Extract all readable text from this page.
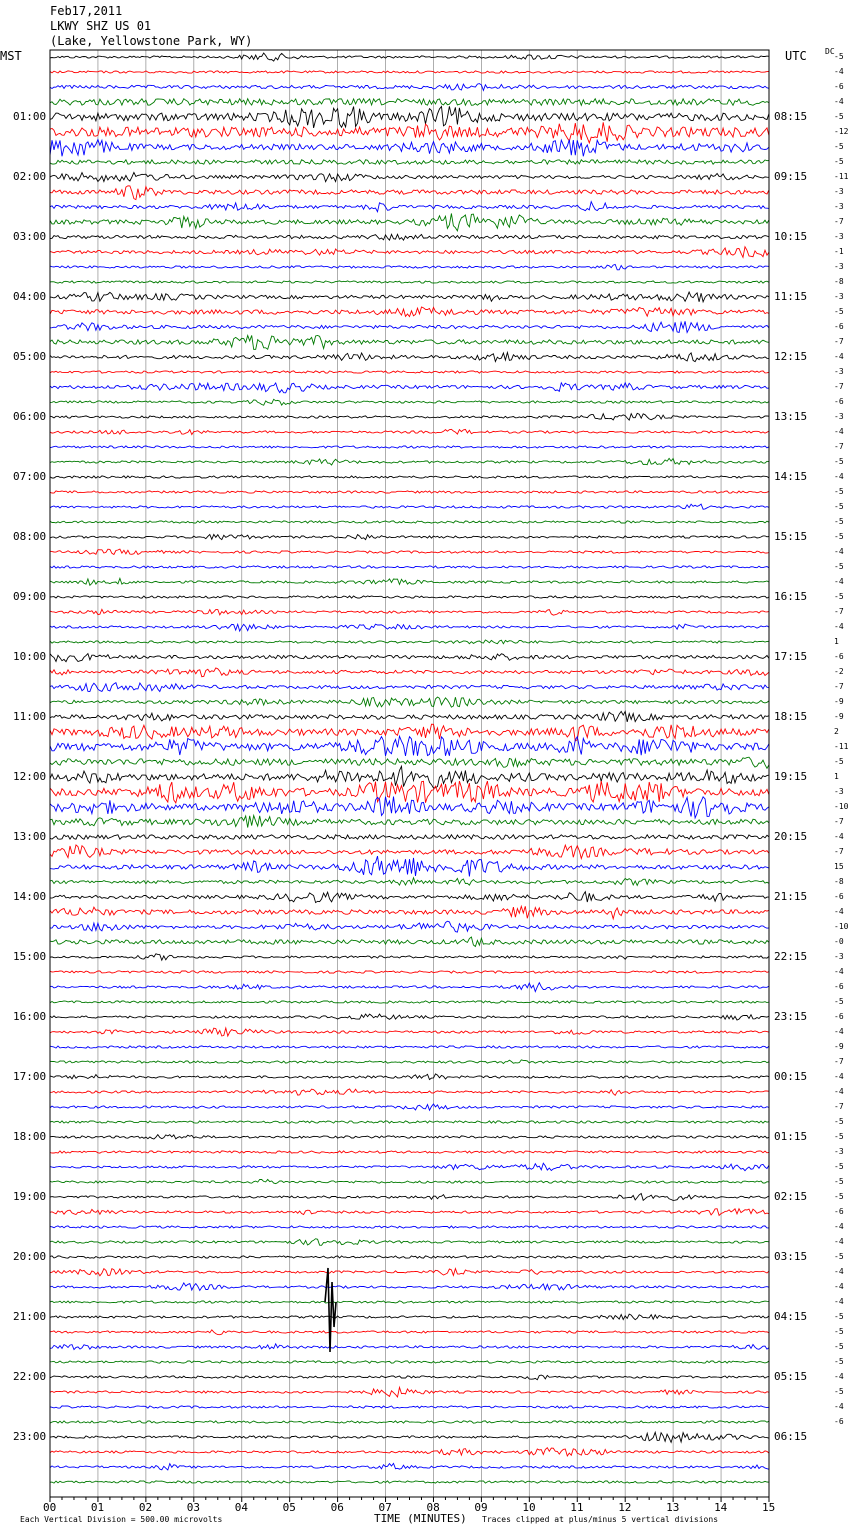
Feb17,2011
LKWY SHZ US 01
(Lake, Yellowstone Park, WY)
MST	UTC DC
01:00
02:00
03:00
04:00
05:00
06:00
07:00
08:00
09:00
10:00
11:00
12:00
13:00
14:00
15:00
16:00
17:00
18:00
19:00
20:00
21:00
22:00
23:00
08:15
09:15
10:15
11:15
12:15
13:15
14:15
15:15
16:15
17:15
18:15
19:15
20:15
21:15
22:15
23:15
00:15
01:15
02:15
03:15
04:15
05:15
06:15
-5
-4
-6
-4
-5
-12
-5
-5
-11
-3
-3
-7
-3
-1
-3
-8
-3
-5
-6
-7
-4
-3
-7
-6
-3
-4
-7
-5
-4
-5
-5
-5
-5
-4
-5
-4
-5
-7
-4
1
-6
-2
-7
-9
-9
2
-11
-5
1
-3
-10
-7
-4
-7
15
-8
-6
-4
-10
-0
-3
-4
-6
-5
-6
-4
-9
-7
-4
-4
-7
-5
-5
-3
-5
-5
-5
-6
-4
-4
-5
-4
-4
-4
-5
-5
-5
-5
-4
-5
-4
-6
00	01	02	03	04	05	06	07	08	09	10	11	12	13	14	15
Each Vertical Division = 500.00 microvolts	TIME (MINUTES) Traces clipped at plus/minus 5 vertical divisions
